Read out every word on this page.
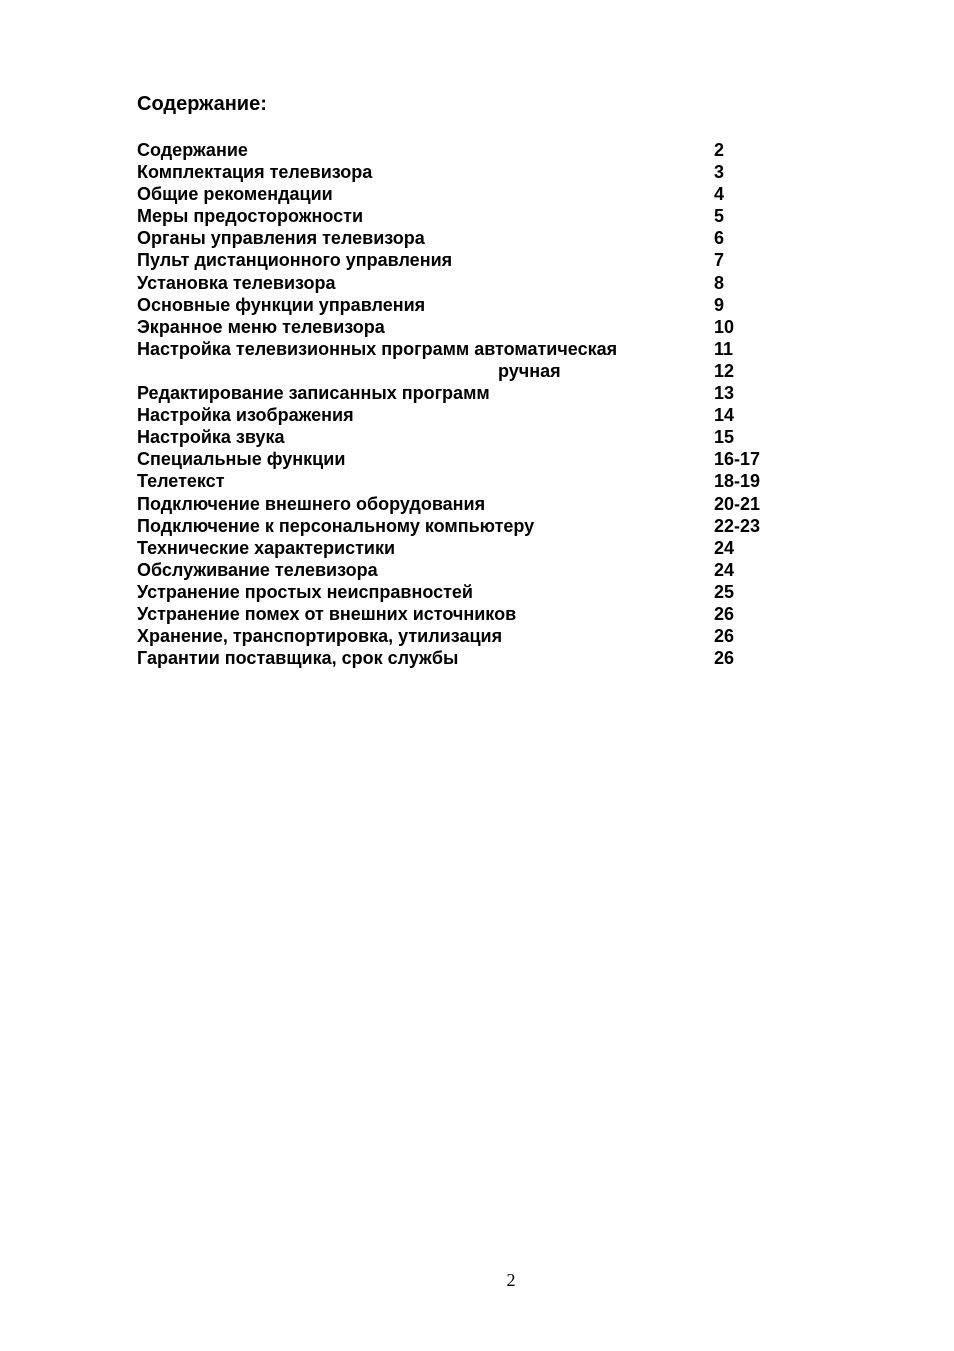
Содержание:
Содержание	2
Комплектация телевизора	3
Общие рекомендации	4
Меры предосторожности	5
Органы управления телевизора	6
Пульт дистанционного управления	7
Установка телевизора	8
Основные функции управления	9
Экранное меню телевизора	10
Настройка телевизионных программ автоматическая	11
ручная	12
Редактирование записанных программ	13
Настройка изображения	14
Настройка звука	15
Специальные функции	16-17
Телетекст	18-19
Подключение внешнего оборудования	20-21
Подключение к персональному компьютеру	22-23
Технические характеристики	24
Обслуживание телевизора	24
Устранение простых неисправностей	25
Устранение помех от внешних источников	26
Хранение, транспортировка, утилизация	26
Гарантии поставщика, срок службы	26
2
